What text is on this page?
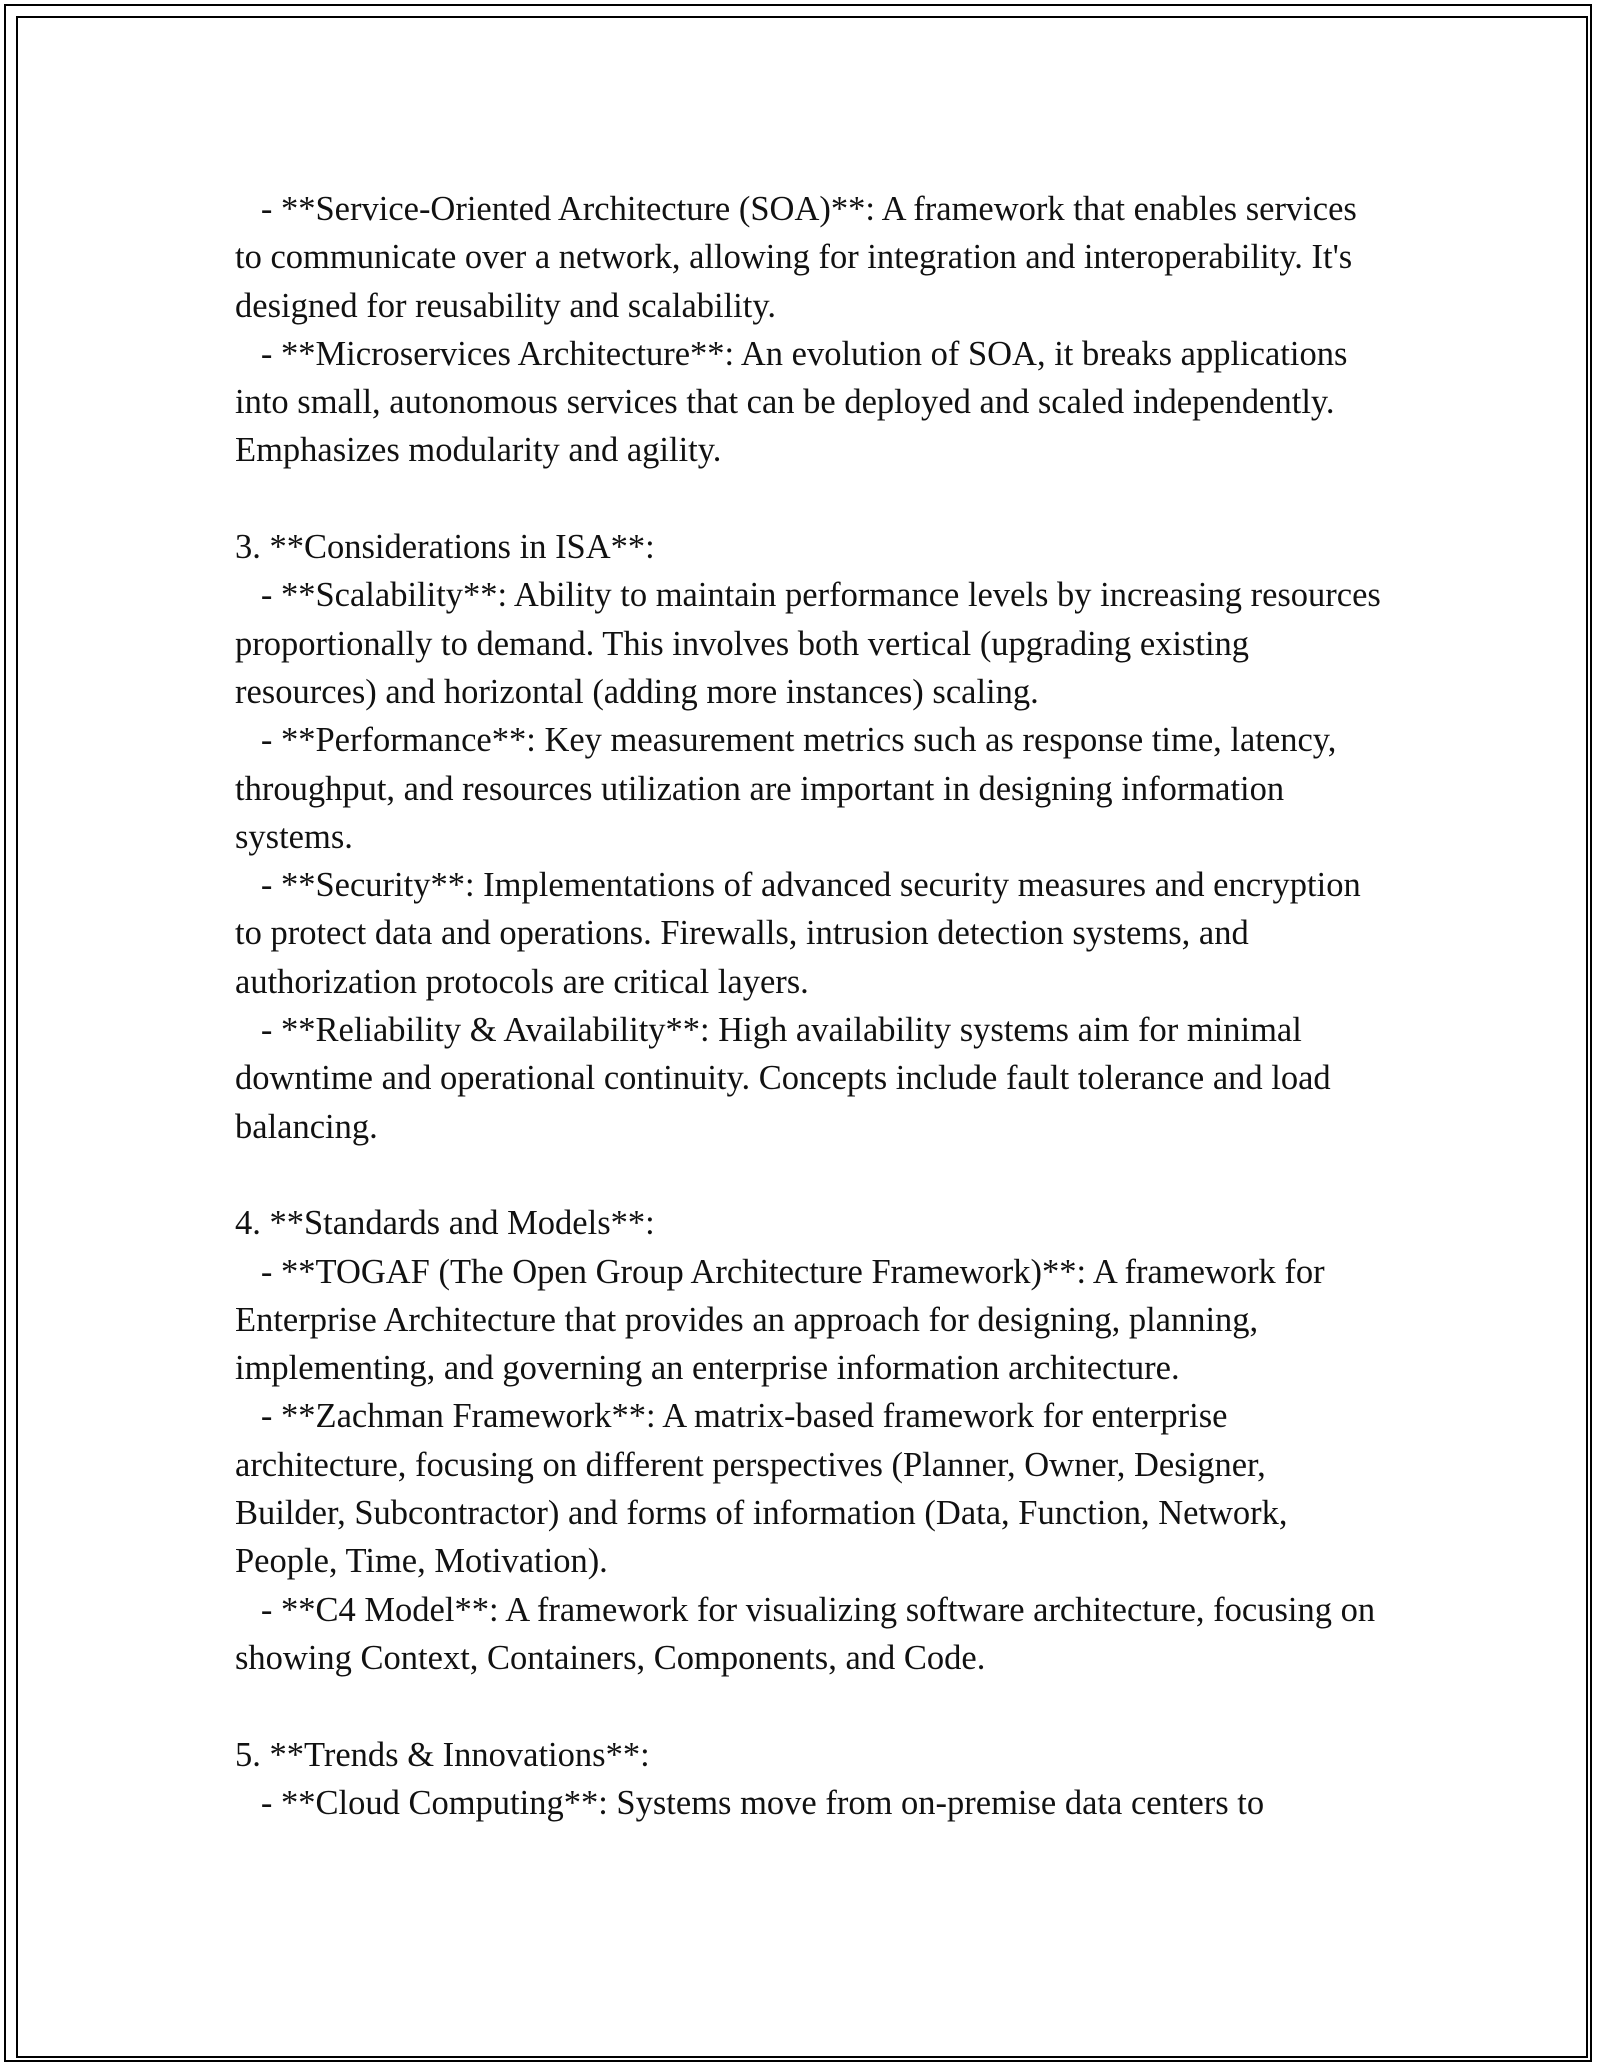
- **Service-Oriented Architecture (SOA)**: A framework that enables services to communicate over a network, allowing for integration and interoperability. It's designed for reusability and scalability.

- **Microservices Architecture**: An evolution of SOA, it breaks applications into small, autonomous services that can be deployed and scaled independently. Emphasizes modularity and agility.

3. **Considerations in ISA**:

- **Scalability**: Ability to maintain performance levels by increasing resources proportionally to demand. This involves both vertical (upgrading existing resources) and horizontal (adding more instances) scaling.

- **Performance**: Key measurement metrics such as response time, latency, throughput, and resources utilization are important in designing information systems.

- **Security**: Implementations of advanced security measures and encryption to protect data and operations. Firewalls, intrusion detection systems, and authorization protocols are critical layers.

- **Reliability & Availability**: High availability systems aim for minimal downtime and operational continuity. Concepts include fault tolerance and load balancing.

4. **Standards and Models**:

- **TOGAF (The Open Group Architecture Framework)**: A framework for Enterprise Architecture that provides an approach for designing, planning, implementing, and governing an enterprise information architecture.

- **Zachman Framework**: A matrix-based framework for enterprise architecture, focusing on different perspectives (Planner, Owner, Designer, Builder, Subcontractor) and forms of information (Data, Function, Network, People, Time, Motivation).

- **C4 Model**: A framework for visualizing software architecture, focusing on showing Context, Containers, Components, and Code.

5. **Trends & Innovations**:

- **Cloud Computing**: Systems move from on-premise data centers to
